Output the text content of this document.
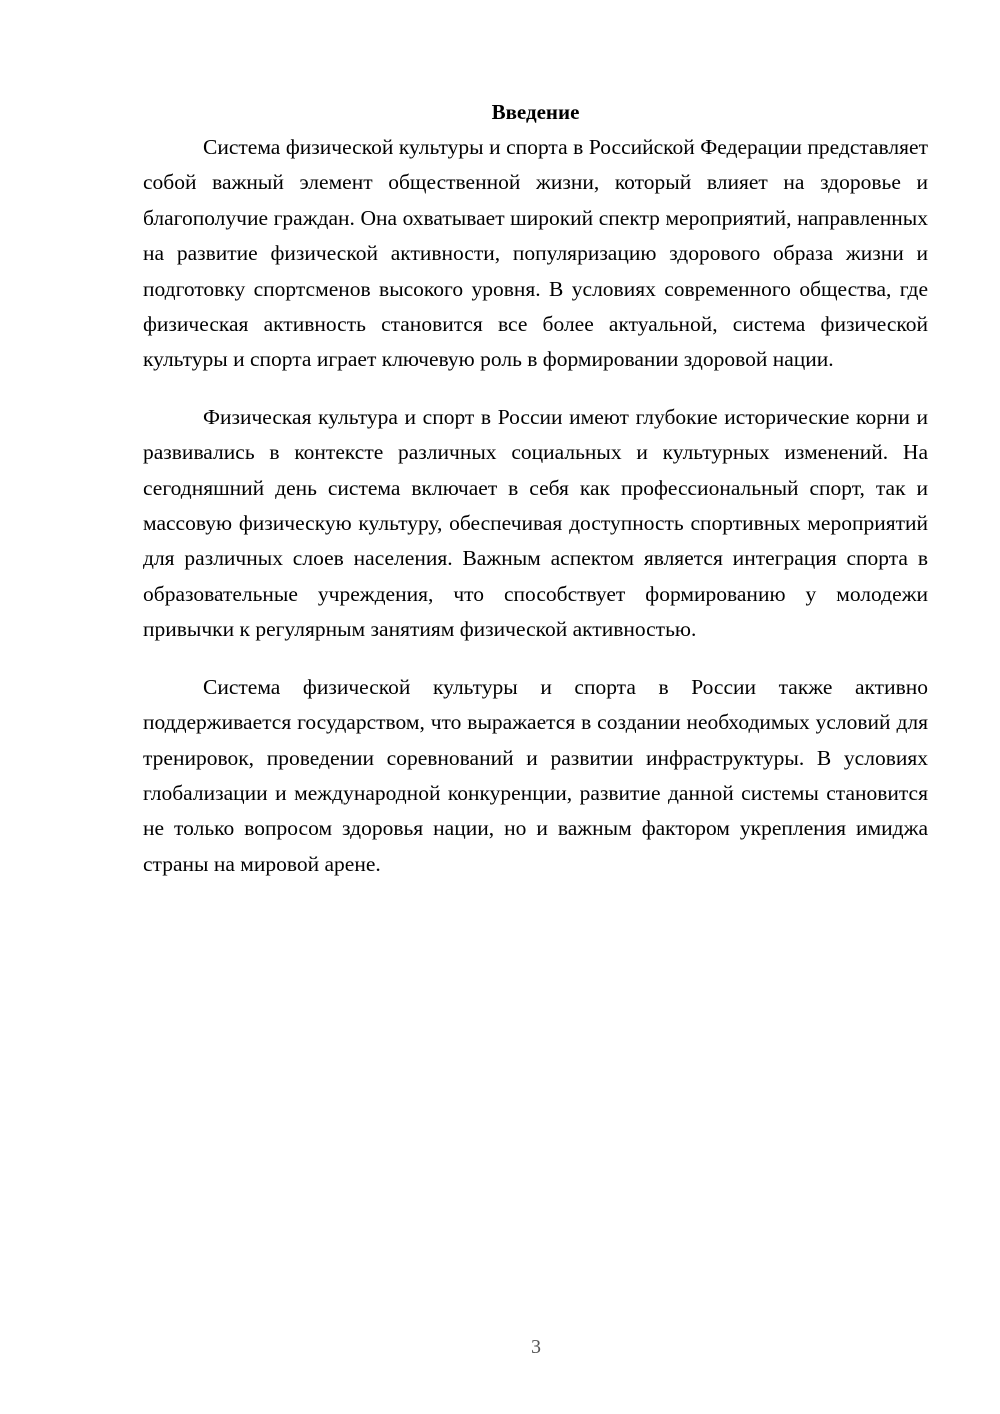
Введение

Система физической культуры и спорта в Российской Федерации представляет собой важный элемент общественной жизни, который влияет на здоровье и благополучие граждан. Она охватывает широкий спектр мероприятий, направленных на развитие физической активности, популяризацию здорового образа жизни и подготовку спортсменов высокого уровня. В условиях современного общества, где физическая активность становится все более актуальной, система физической культуры и спорта играет ключевую роль в формировании здоровой нации.

Физическая культура и спорт в России имеют глубокие исторические корни и развивались в контексте различных социальных и культурных изменений. На сегодняшний день система включает в себя как профессиональный спорт, так и массовую физическую культуру, обеспечивая доступность спортивных мероприятий для различных слоев населения. Важным аспектом является интеграция спорта в образовательные учреждения, что способствует формированию у молодежи привычки к регулярным занятиям физической активностью.

Система физической культуры и спорта в России также активно поддерживается государством, что выражается в создании необходимых условий для тренировок, проведении соревнований и развитии инфраструктуры. В условиях глобализации и международной конкуренции, развитие данной системы становится не только вопросом здоровья нации, но и важным фактором укрепления имиджа страны на мировой арене.

3
